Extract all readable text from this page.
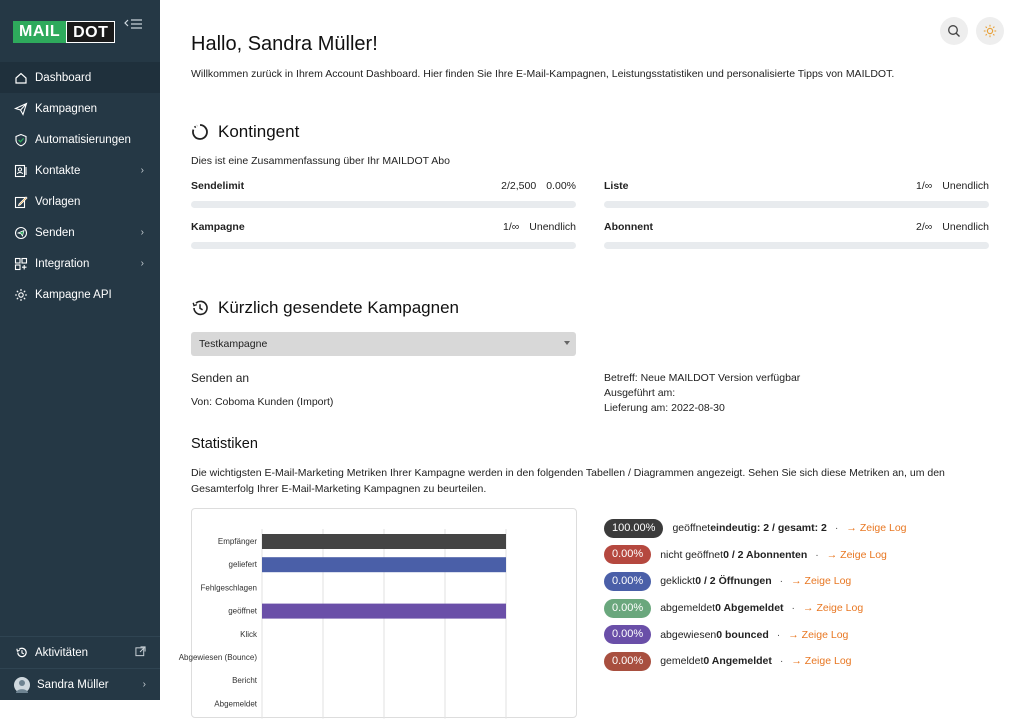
MAIL DOT
Dashboard
Kampagnen
Automatisierungen
Kontakte	›
Vorlagen
Senden	›
Integration	›
Kampagne API
Aktivitäten
Sandra Müller	›
Hallo, Sandra Müller!

Willkommen zurück in Ihrem Account Dashboard. Hier finden Sie Ihre E-Mail-Kampagnen, Leistungsstatistiken und personalisierte Tipps von MAILDOT.

Kontingent

Dies ist eine Zusammenfassung über Ihr MAILDOT Abo

Sendelimit	2/2,500 0.00%	Liste	1/∞ Unendlich
Kampagne	1/∞ Unendlich	Abonnent	2/∞ Unendlich
Kürzlich gesendete Kampagnen
Testkampagne
Senden an
Von: Coboma Kunden (Import)
Betreff: Neue MAILDOT Version verfügbar
Ausgeführt am:
Lieferung am: 2022-08-30
Statistiken

Die wichtigsten E-Mail-Marketing Metriken Ihrer Kampagne werden in den folgenden Tabellen / Diagrammen angezeigt. Sehen Sie sich diese Metriken an, um den Gesamterfolg Ihrer E-Mail-Marketing Kampagnen zu beurteilen.

Empfänger
geliefert
Fehlgeschlagen
geöffnet
Klick
Abgewiesen (Bounce)
Bericht
Abgemeldet
100.00%	geöffnet eindeutig: 2 / gesamt: 2 · → Zeige Log
0.00%	nicht geöffnet 0 / 2 Abonnenten · → Zeige Log
0.00%	geklickt 0 / 2 Öffnungen · → Zeige Log
0.00%	abgemeldet 0 Abgemeldet · → Zeige Log
0.00%	abgewiesen 0 bounced · → Zeige Log
0.00%	gemeldet 0 Angemeldet · → Zeige Log
